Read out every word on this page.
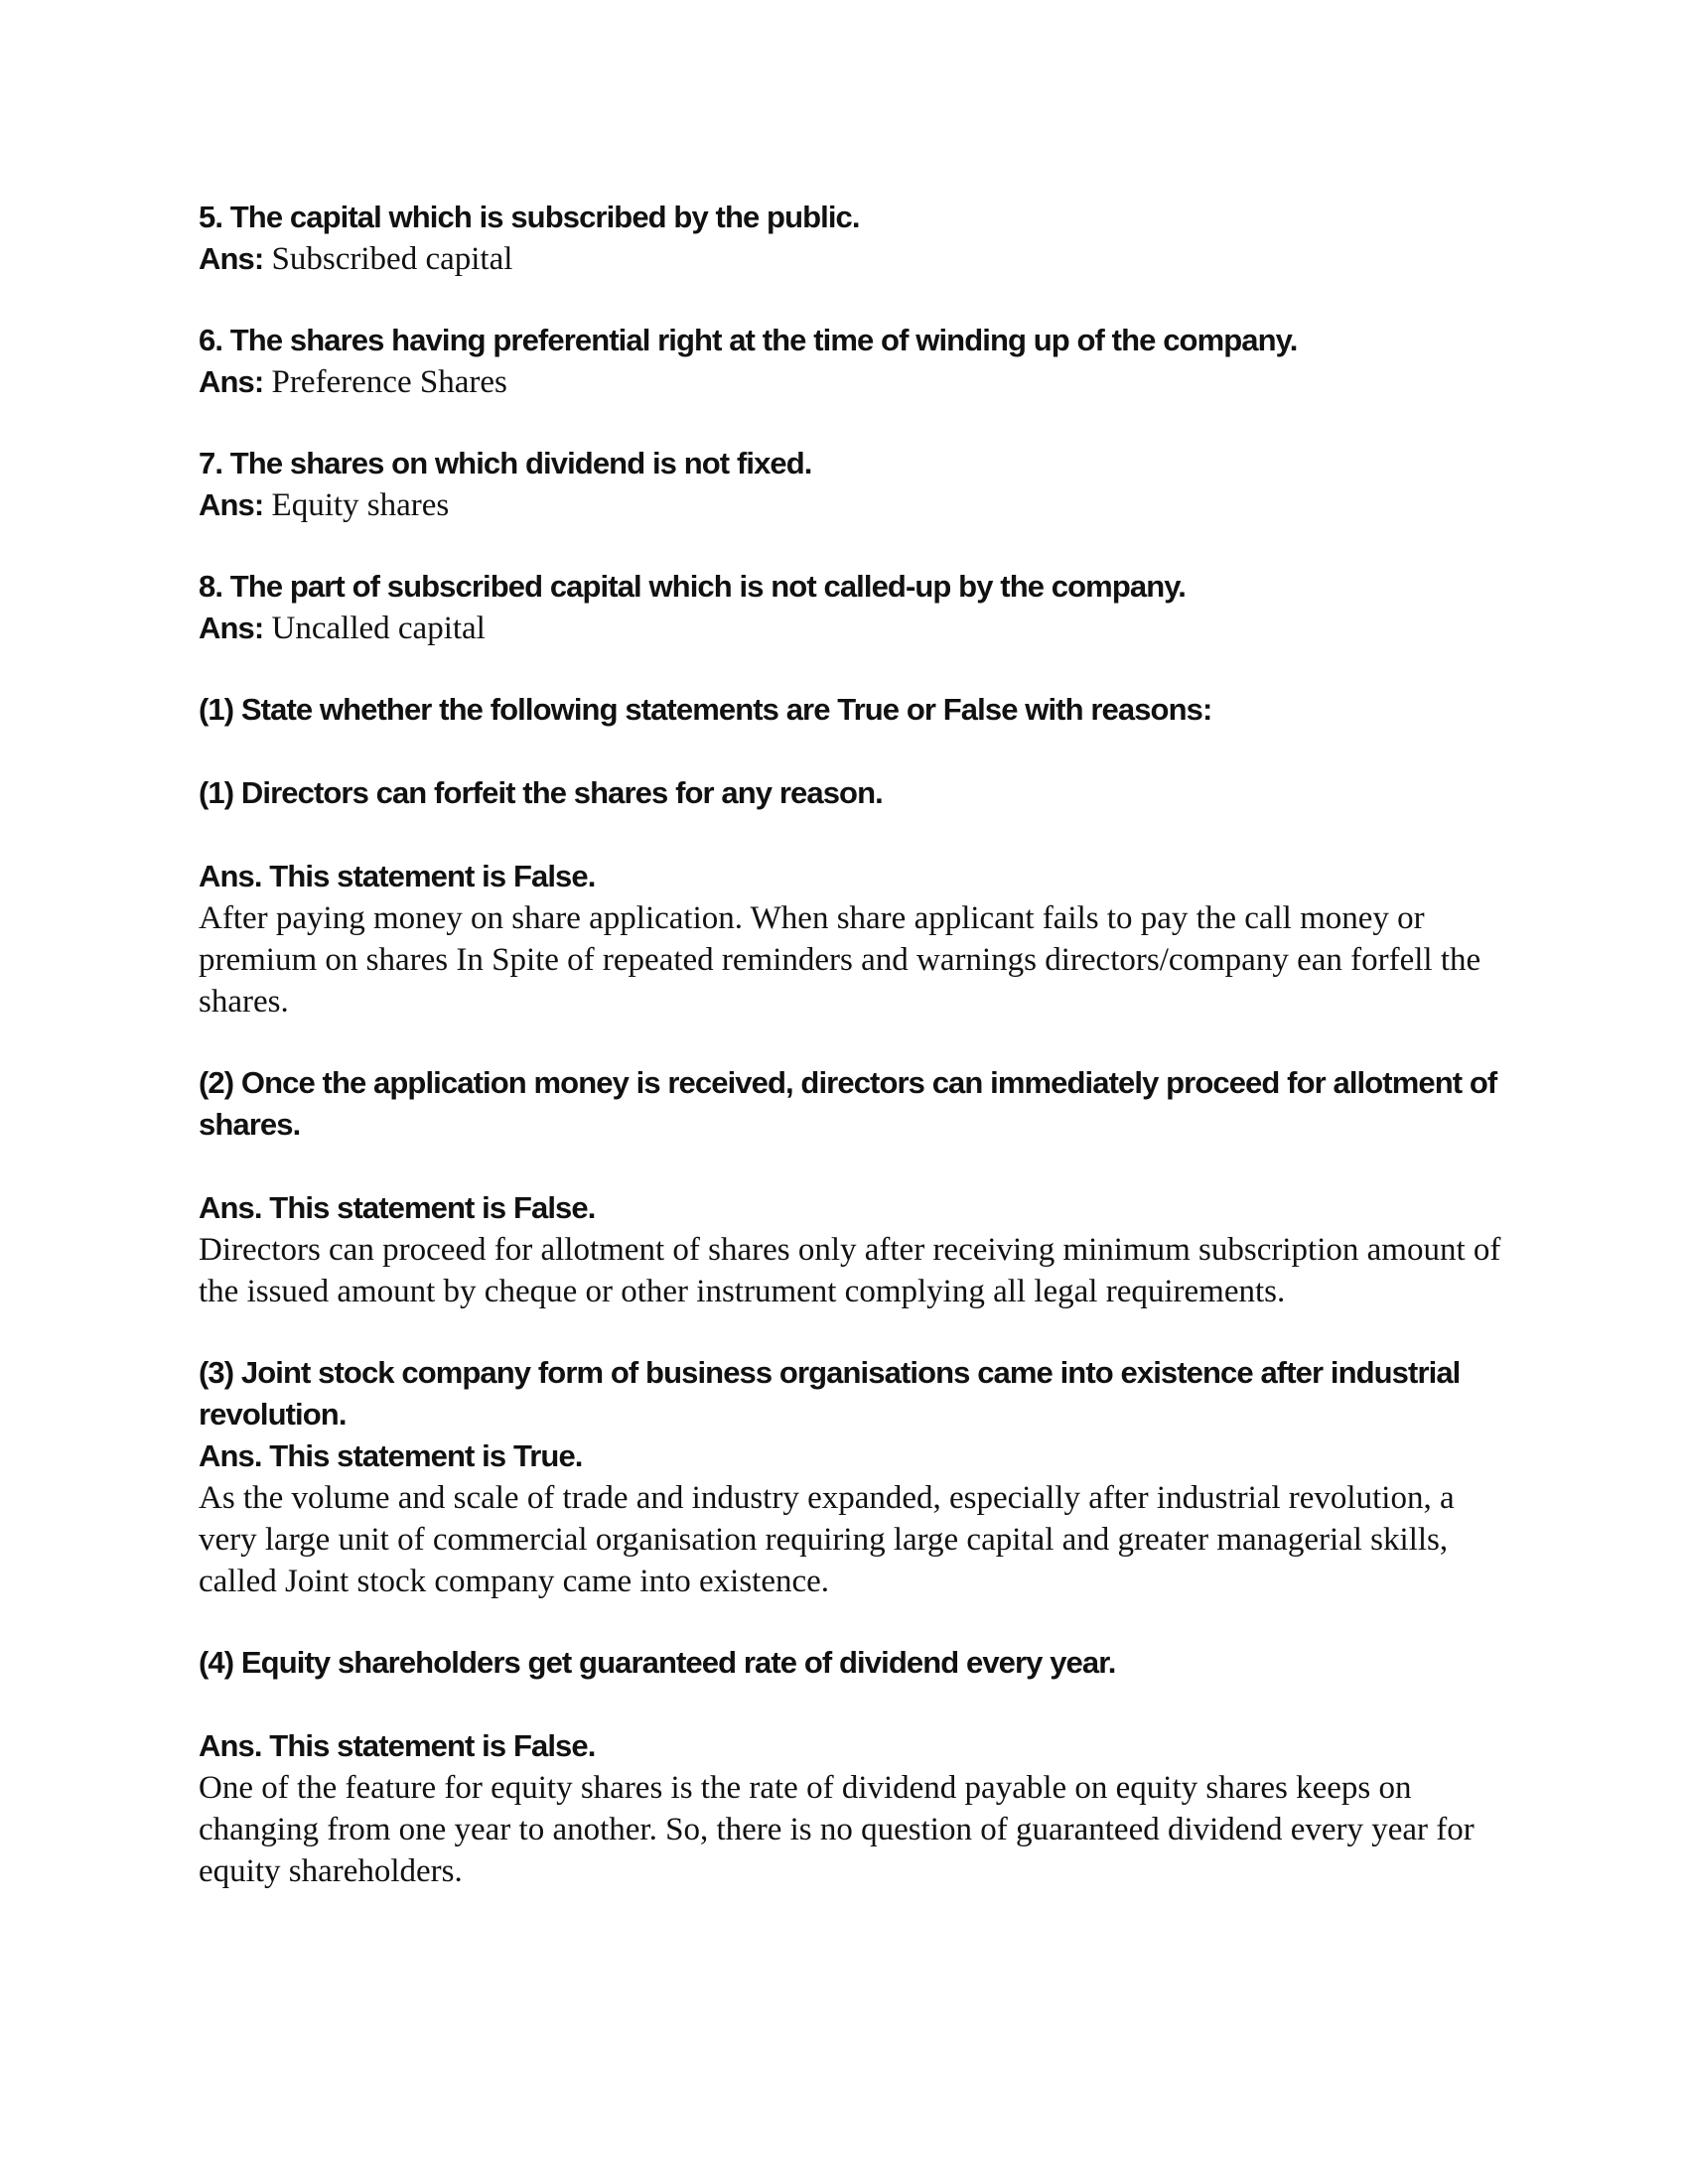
5. The capital which is subscribed by the public.

Ans: Subscribed capital

6. The shares having preferential right at the time of winding up of the company.

Ans: Preference Shares

7. The shares on which dividend is not fixed.

Ans: Equity shares

8. The part of subscribed capital which is not called-up by the company.

Ans: Uncalled capital

(1) State whether the following statements are True or False with reasons:

(1) Directors can forfeit the shares for any reason.

Ans. This statement is False.

After paying money on share application. When share applicant fails to pay the call money or premium on shares In Spite of repeated reminders and warnings directors/company ean forfell the shares.

(2) Once the application money is received, directors can immediately proceed for allotment of shares.

Ans. This statement is False.

Directors can proceed for allotment of shares only after receiving minimum subscription amount of the issued amount by cheque or other instrument complying all legal requirements.

(3) Joint stock company form of business organisations came into existence after industrial revolution.

Ans. This statement is True.

As the volume and scale of trade and industry expanded, especially after industrial revolution, a very large unit of commercial organisation requiring large capital and greater managerial skills, called Joint stock company came into existence.

(4) Equity shareholders get guaranteed rate of dividend every year.

Ans. This statement is False.

One of the feature for equity shares is the rate of dividend payable on equity shares keeps on changing from one year to another. So, there is no question of guaranteed dividend every year for equity shareholders.
